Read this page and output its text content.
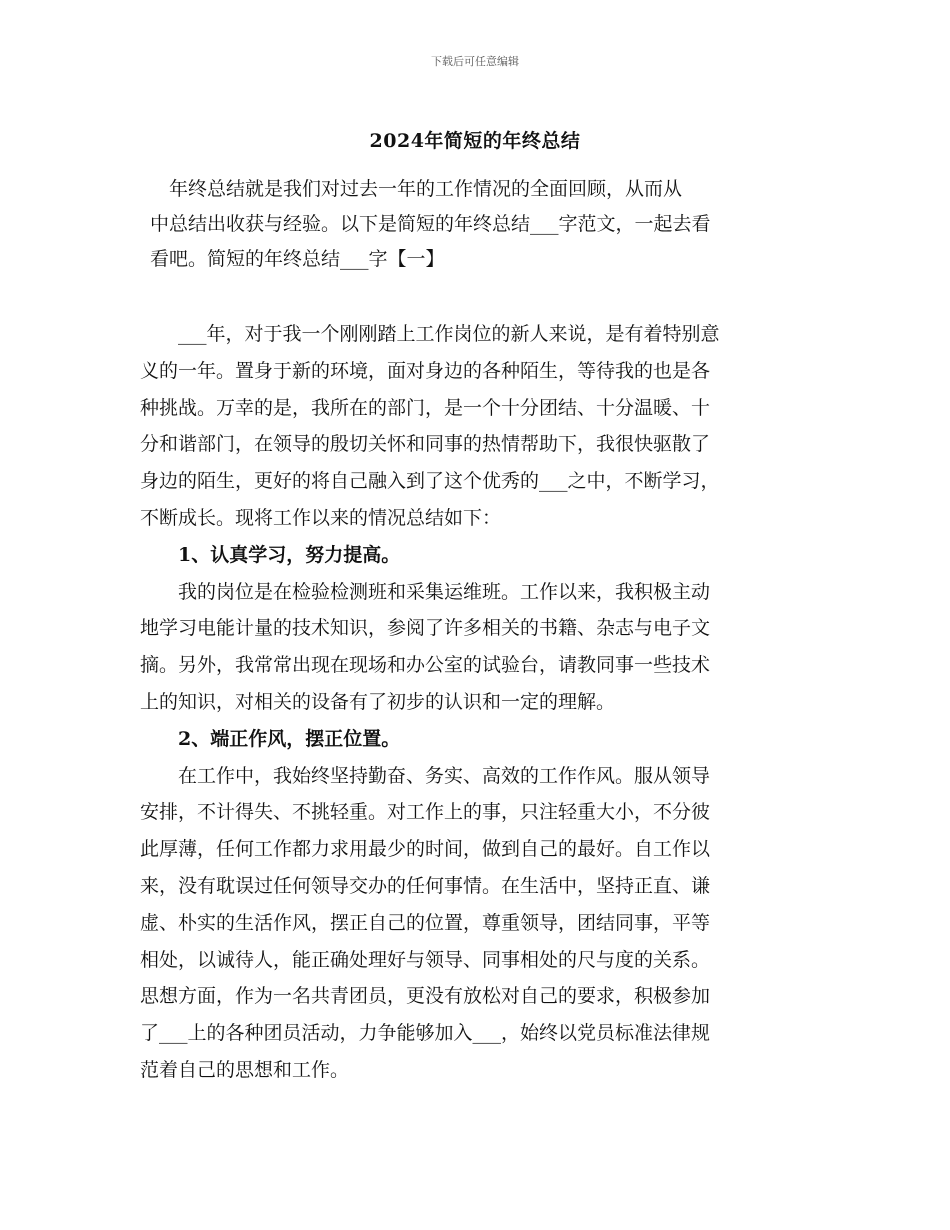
下载后可任意编辑
2024年简短的年终总结

　年终总结就是我们对过去一年的工作情况的全面回顾，从而从

中总结出收获与经验。以下是简短的年终总结___字范文，一起去看

看吧。简短的年终总结___字【一】

　　___年，对于我一个刚刚踏上工作岗位的新人来说，是有着特别意

义的一年。置身于新的环境，面对身边的各种陌生，等待我的也是各

种挑战。万幸的是，我所在的部门，是一个十分团结、十分温暖、十

分和谐部门，在领导的殷切关怀和同事的热情帮助下，我很快驱散了

身边的陌生，更好的将自己融入到了这个优秀的___之中，不断学习，

不断成长。现将工作以来的情况总结如下：

　　1、认真学习，努力提高。

　　我的岗位是在检验检测班和采集运维班。工作以来，我积极主动

地学习电能计量的技术知识，参阅了许多相关的书籍、杂志与电子文

摘。另外，我常常出现在现场和办公室的试验台，请教同事一些技术

上的知识，对相关的设备有了初步的认识和一定的理解。

　　2、端正作风，摆正位置。

　　在工作中，我始终坚持勤奋、务实、高效的工作作风。服从领导

安排，不计得失、不挑轻重。对工作上的事，只注轻重大小，不分彼

此厚薄，任何工作都力求用最少的时间，做到自己的最好。自工作以

来，没有耽误过任何领导交办的任何事情。在生活中，坚持正直、谦

虚、朴实的生活作风，摆正自己的位置，尊重领导，团结同事，平等

相处，以诚待人，能正确处理好与领导、同事相处的尺与度的关系。

思想方面，作为一名共青团员，更没有放松对自己的要求，积极参加

了___上的各种团员活动，力争能够加入___，始终以党员标准法律规

范着自己的思想和工作。
